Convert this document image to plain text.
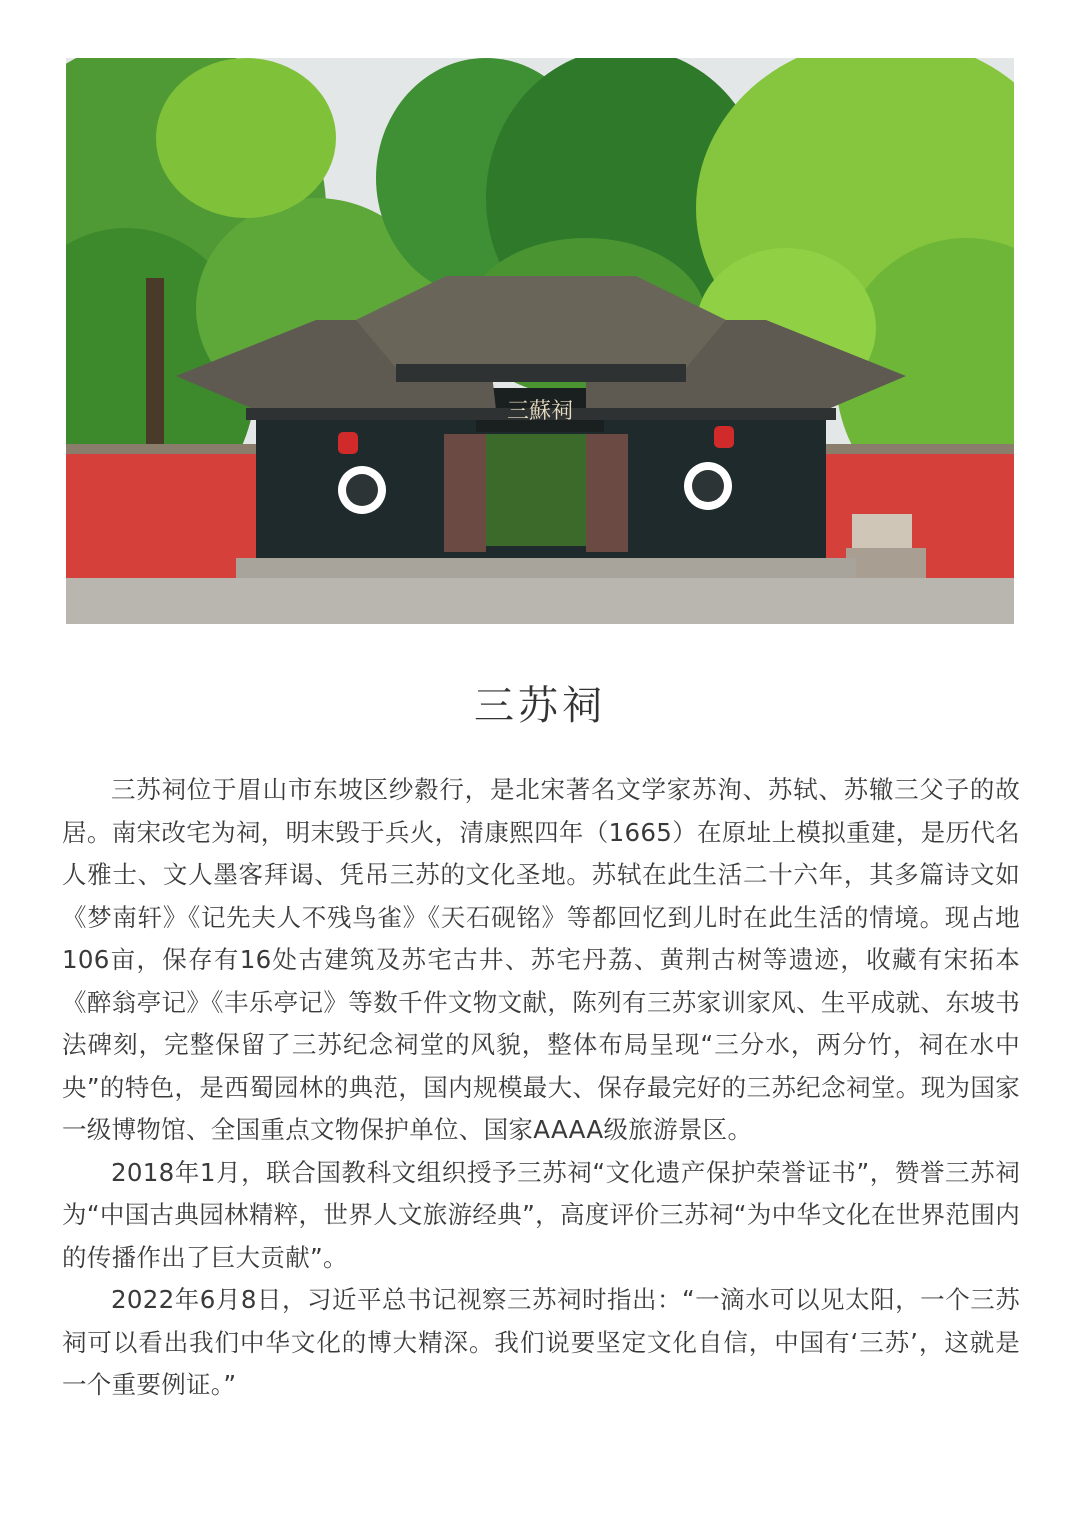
三蘇祠
三苏祠

三苏祠位于眉山市东坡区纱縠行，是北宋著名文学家苏洵、苏轼、苏辙三父子的故居。南宋改宅为祠，明末毁于兵火，清康熙四年（1665）在原址上模拟重建，是历代名人雅士、文人墨客拜谒、凭吊三苏的文化圣地。苏轼在此生活二十六年，其多篇诗文如《梦南轩》《记先夫人不残鸟雀》《天石砚铭》等都回忆到儿时在此生活的情境。现占地106亩，保存有16处古建筑及苏宅古井、苏宅丹荔、黄荆古树等遗迹，收藏有宋拓本《醉翁亭记》《丰乐亭记》等数千件文物文献，陈列有三苏家训家风、生平成就、东坡书法碑刻，完整保留了三苏纪念祠堂的风貌，整体布局呈现“三分水，两分竹，祠在水中央”的特色，是西蜀园林的典范，国内规模最大、保存最完好的三苏纪念祠堂。现为国家一级博物馆、全国重点文物保护单位、国家AAAA级旅游景区。

2018年1月，联合国教科文组织授予三苏祠“文化遗产保护荣誉证书”，赞誉三苏祠为“中国古典园林精粹，世界人文旅游经典”，高度评价三苏祠“为中华文化在世界范围内的传播作出了巨大贡献”。

2022年6月8日，习近平总书记视察三苏祠时指出：“一滴水可以见太阳，一个三苏祠可以看出我们中华文化的博大精深。我们说要坚定文化自信，中国有‘三苏’，这就是一个重要例证。”
